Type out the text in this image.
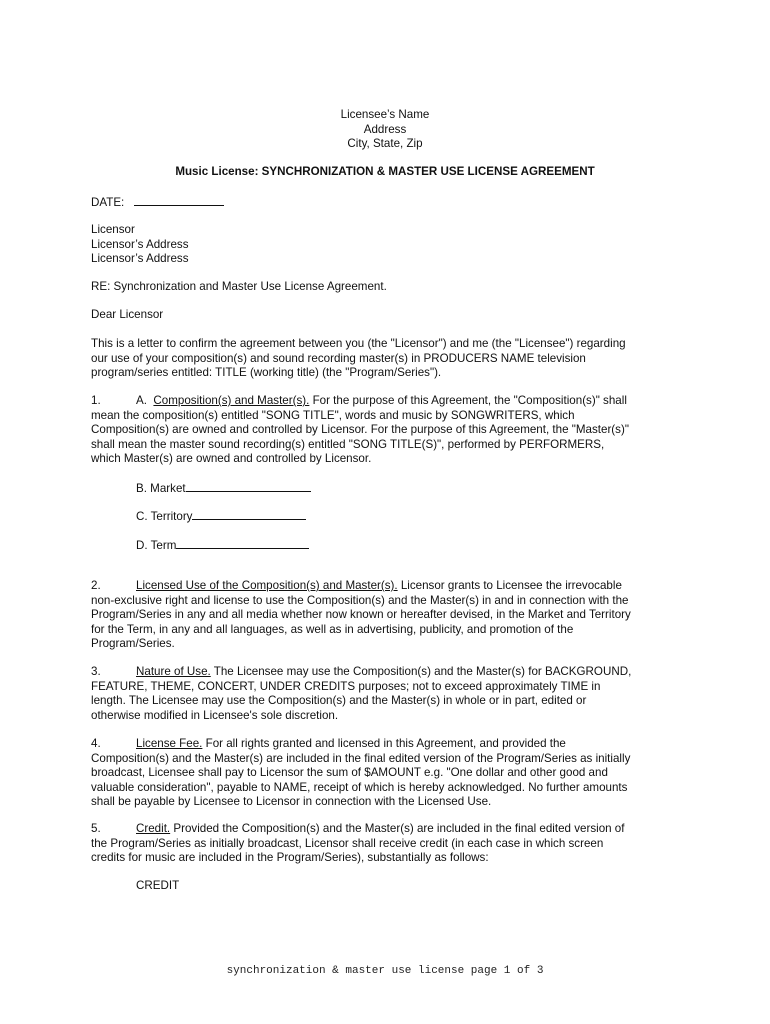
Licensee’s Name
Address
City, State, Zip
Music License: SYNCHRONIZATION & MASTER USE LICENSE AGREEMENT
DATE:
Licensor
Licensor’s Address
Licensor’s Address
RE: Synchronization and Master Use License Agreement.
Dear Licensor
This is a letter to confirm the agreement between you (the "Licensor") and me (the "Licensee") regarding
our use of your composition(s) and sound recording master(s) in PRODUCERS NAME television
program/series entitled: TITLE (working title) (the "Program/Series").
1.	A. Composition(s) and Master(s). For the purpose of this Agreement, the "Composition(s)" shall
mean the composition(s) entitled "SONG TITLE", words and music by SONGWRITERS, which
Composition(s) are owned and controlled by Licensor. For the purpose of this Agreement, the "Master(s)"
shall mean the master sound recording(s) entitled "SONG TITLE(S)", performed by PERFORMERS,
which Master(s) are owned and controlled by Licensor.
B. Market
C. Territory
D. Term
2.	Licensed Use of the Composition(s) and Master(s). Licensor grants to Licensee the irrevocable
non-exclusive right and license to use the Composition(s) and the Master(s) in and in connection with the
Program/Series in any and all media whether now known or hereafter devised, in the Market and Territory
for the Term, in any and all languages, as well as in advertising, publicity, and promotion of the
Program/Series.
3.	Nature of Use. The Licensee may use the Composition(s) and the Master(s) for BACKGROUND,
FEATURE, THEME, CONCERT, UNDER CREDITS purposes; not to exceed approximately TIME in
length. The Licensee may use the Composition(s) and the Master(s) in whole or in part, edited or
otherwise modified in Licensee's sole discretion.
4.	License Fee. For all rights granted and licensed in this Agreement, and provided the
Composition(s) and the Master(s) are included in the final edited version of the Program/Series as initially
broadcast, Licensee shall pay to Licensor the sum of $AMOUNT e.g. "One dollar and other good and
valuable consideration", payable to NAME, receipt of which is hereby acknowledged. No further amounts
shall be payable by Licensee to Licensor in connection with the Licensed Use.
5.	Credit. Provided the Composition(s) and the Master(s) are included in the final edited version of
the Program/Series as initially broadcast, Licensor shall receive credit (in each case in which screen
credits for music are included in the Program/Series), substantially as follows:
CREDIT
synchronization & master use license page 1 of 3
